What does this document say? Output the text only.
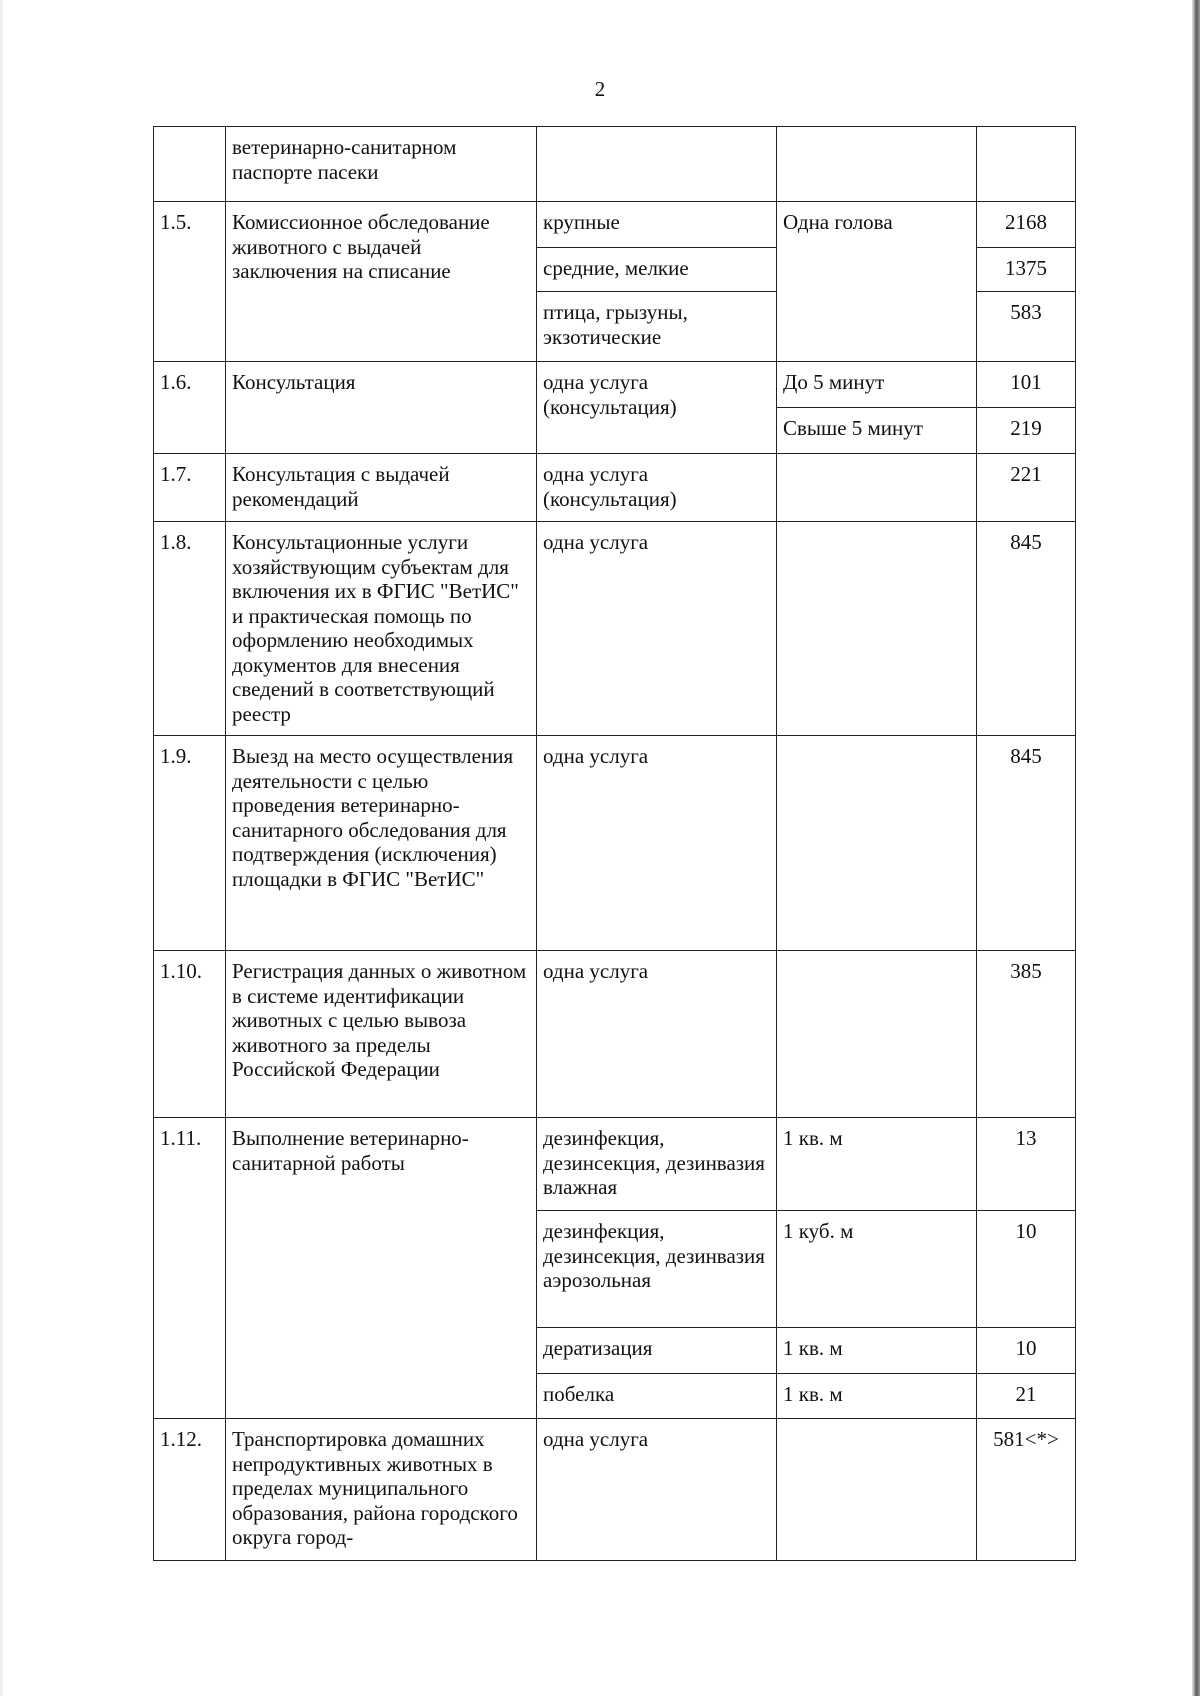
2
	ветеринарно-санитарном паспорте пасеки			
1.5.	Комиссионное обследование животного с выдачей заключения на списание	крупные	Одна голова	2168
		средние, мелкие		1375
		птица, грызуны, экзотические		583
1.6.	Консультация	одна услуга (консультация)	До 5 минут	101
			Свыше 5 минут	219
1.7.	Консультация с выдачей рекомендаций	одна услуга (консультация)		221
1.8.	Консультационные услуги хозяйствующим субъектам для включения их в ФГИС "ВетИС" и практическая помощь по оформлению необходимых документов для внесения сведений в соответствующий реестр	одна услуга		845
1.9.	Выезд на место осуществления деятельности с целью проведения ветеринарно-санитарного обследования для подтверждения (исключения) площадки в ФГИС "ВетИС"	одна услуга		845
1.10.	Регистрация данных о животном в системе идентификации животных с целью вывоза животного за пределы Российской Федерации	одна услуга		385
1.11.	Выполнение ветеринарно-санитарной работы	дезинфекция, дезинсекция, дезинвазия влажная	1 кв. м	13
		дезинфекция, дезинсекция, дезинвазия аэрозольная	1 куб. м	10
		дератизация	1 кв. м	10
		побелка	1 кв. м	21
1.12.	Транспортировка домашних непродуктивных животных в пределах муниципального образования, района городского округа город-	одна услуга		581<*>
